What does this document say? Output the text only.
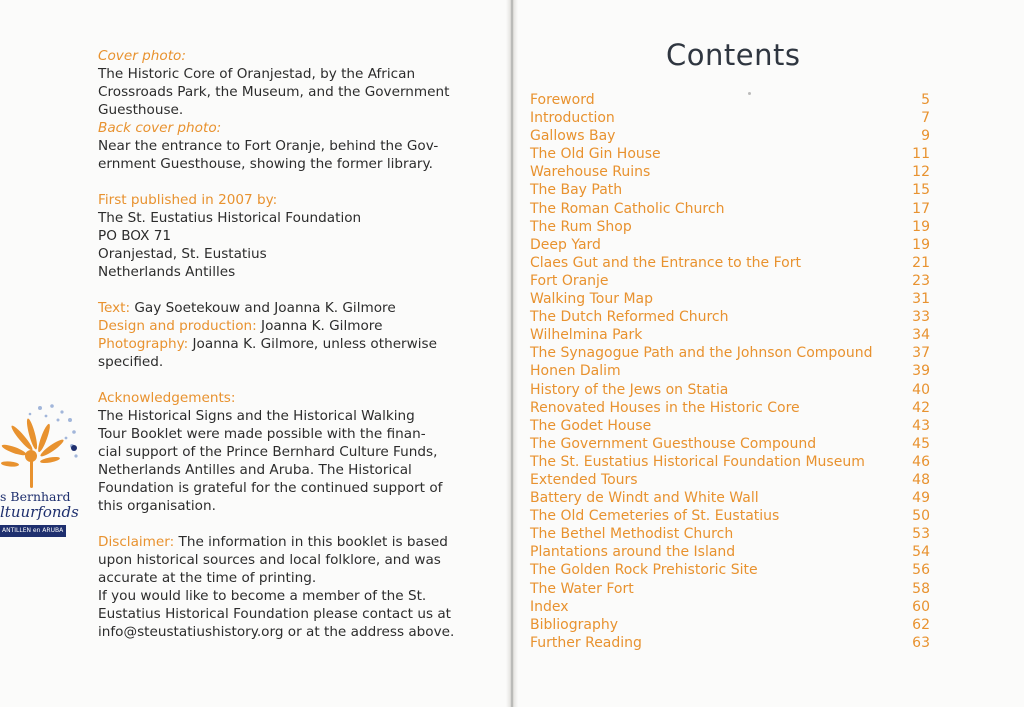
Cover photo:
The Historic Core of Oranjestad, by the African
Crossroads Park, the Museum, and the Government
Guesthouse.
Back cover photo:
Near the entrance to Fort Oranje, behind the Gov-
ernment Guesthouse, showing the former library.
First published in 2007 by:
The St. Eustatius Historical Foundation
PO BOX 71
Oranjestad, St. Eustatius
Netherlands Antilles
Text: Gay Soetekouw and Joanna K. Gilmore
Design and production: Joanna K. Gilmore
Photography: Joanna K. Gilmore, unless otherwise
specified.
Acknowledgements:
The Historical Signs and the Historical Walking
Tour Booklet were made possible with the finan-
cial support of the Prince Bernhard Culture Funds,
Netherlands Antilles and Aruba. The Historical
Foundation is grateful for the continued support of
this organisation.
Disclaimer: The information in this booklet is based
upon historical sources and local folklore, and was
accurate at the time of printing.
If you would like to become a member of the St.
Eustatius Historical Foundation please contact us at
info@steustatiushistory.org or at the address above.
s Bernhard
ltuurfonds
ANTILLEN en ARUBA
Contents
Foreword	5
Introduction	7
Gallows Bay	9
The Old Gin House	11
Warehouse Ruins	12
The Bay Path	15
The Roman Catholic Church	17
The Rum Shop	19
Deep Yard	19
Claes Gut and the Entrance to the Fort	21
Fort Oranje	23
Walking Tour Map	31
The Dutch Reformed Church	33
Wilhelmina Park	34
The Synagogue Path and the Johnson Compound	37
Honen Dalim	39
History of the Jews on Statia	40
Renovated Houses in the Historic Core	42
The Godet House	43
The Government Guesthouse Compound	45
The St. Eustatius Historical Foundation Museum	46
Extended Tours	48
Battery de Windt and White Wall	49
The Old Cemeteries of St. Eustatius	50
The Bethel Methodist Church	53
Plantations around the Island	54
The Golden Rock Prehistoric Site	56
The Water Fort	58
Index	60
Bibliography	62
Further Reading	63
